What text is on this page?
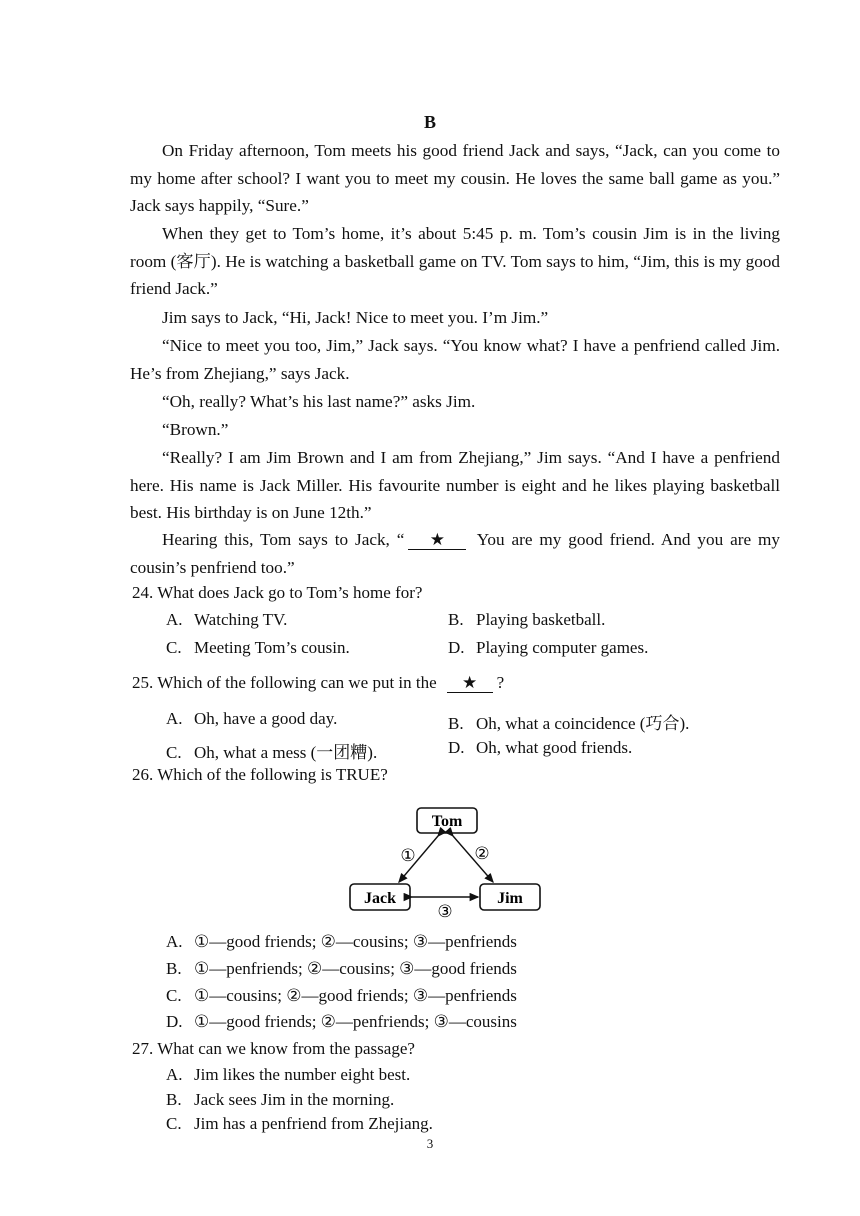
B

On Friday afternoon, Tom meets his good friend Jack and says, “Jack, can you come to my home after school? I want you to meet my cousin. He loves the same ball game as you.” Jack says happily, “Sure.”

When they get to Tom’s home, it’s about 5:45 p. m. Tom’s cousin Jim is in the living room (客厅). He is watching a basketball game on TV. Tom says to him, “Jim, this is my good friend Jack.”

Jim says to Jack, “Hi, Jack! Nice to meet you. I’m Jim.”

“Nice to meet you too, Jim,” Jack says. “You know what? I have a penfriend called Jim. He’s from Zhejiang,” says Jack.

“Oh, really? What’s his last name?” asks Jim.

“Brown.”

“Really? I am Jim Brown and I am from Zhejiang,” Jim says. “And I have a penfriend here. His name is Jack Miller. His favourite number is eight and he likes playing basketball best. His birthday is on June 12th.”

Hearing this, Tom says to Jack, “ ★ You are my good friend. And you are my cousin’s penfriend too.”

24. What does Jack go to Tom’s home for?
A. Watching TV.	B. Playing basketball.
C. Meeting Tom’s cousin.	D. Playing computer games.
25. Which of the following can we put in the ★ ?
A. Oh, have a good day.	B. Oh, what a coincidence (巧合).
C. Oh, what a mess (一团糟).	D. Oh, what good friends.
26. Which of the following is TRUE?
Tom
Jack	Jim
①	②
③
A. ①—good friends; ②—cousins; ③—penfriends
B. ①—penfriends; ②—cousins; ③—good friends
C. ①—cousins; ②—good friends; ③—penfriends
D. ①—good friends; ②—penfriends; ③—cousins
27. What can we know from the passage?
A. Jim likes the number eight best.
B. Jack sees Jim in the morning.
C. Jim has a penfriend from Zhejiang.
3
